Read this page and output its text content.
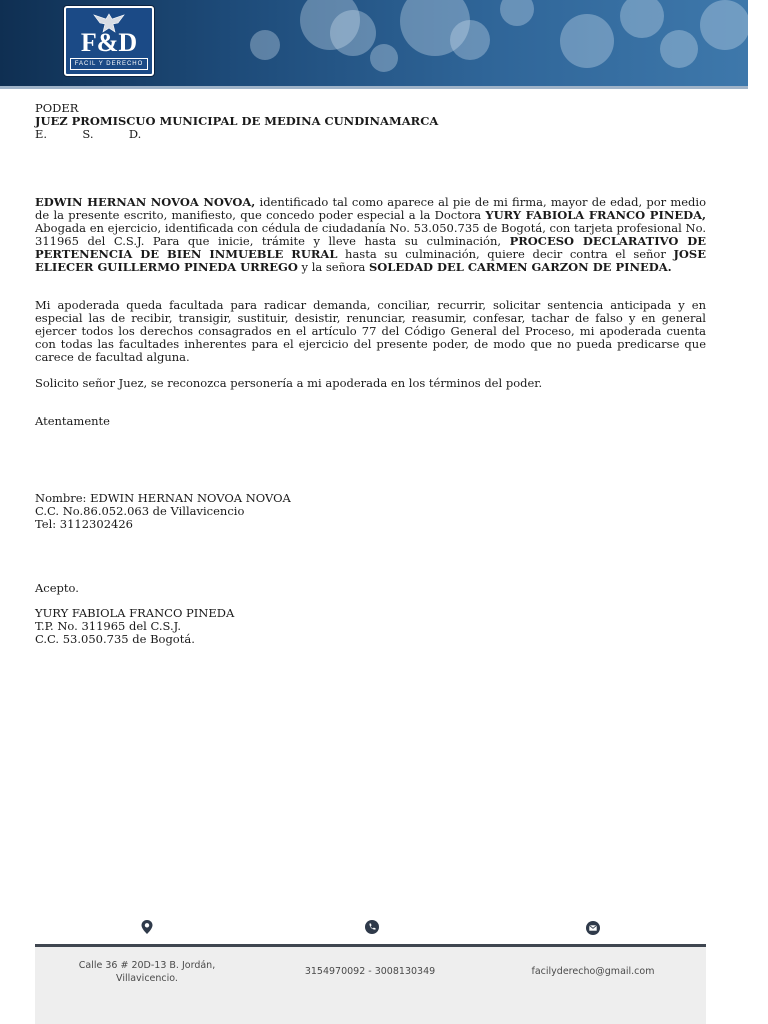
F&D
FACIL Y DERECHO
PODER
JUEZ PROMISCUO MUNICIPAL DE MEDINA CUNDINAMARCA
E.	S.	D.

EDWIN HERNAN NOVOA NOVOA, identificado tal como aparece al pie de mi firma, mayor de edad, por medio de la presente escrito, manifiesto, que concedo poder especial a la Doctora YURY FABIOLA FRANCO PINEDA, Abogada en ejercicio, identificada con cédula de ciudadanía No. 53.050.735 de Bogotá, con tarjeta profesional No. 311965 del C.S.J. Para que inicie, trámite y lleve hasta su culminación, PROCESO DECLARATIVO DE PERTENENCIA DE BIEN INMUEBLE RURAL hasta su culminación, quiere decir contra el señor JOSE ELIECER GUILLERMO PINEDA URREGO y la señora SOLEDAD DEL CARMEN GARZON DE PINEDA.

Mi apoderada queda facultada para radicar demanda, conciliar, recurrir, solicitar sentencia anticipada y en especial las de recibir, transigir, sustituir, desistir, renunciar, reasumir, confesar, tachar de falso y en general ejercer todos los derechos consagrados en el artículo 77 del Código General del Proceso, mi apoderada cuenta con todas las facultades inherentes para el ejercicio del presente poder, de modo que no pueda predicarse que carece de facultad alguna.

Solicito señor Juez, se reconozca personería a mi apoderada en los términos del poder.

Atentamente
Nombre: EDWIN HERNAN NOVOA NOVOA
C.C. No.86.052.063 de Villavicencio
Tel: 3112302426
Acepto.
YURY FABIOLA FRANCO PINEDA
T.P. No. 311965 del C.S.J.
C.C. 53.050.735 de Bogotá.
Calle 36 # 20D-13 B. Jordán,
Villavicencio.
3154970092 - 3008130349	facilyderecho@gmail.com
